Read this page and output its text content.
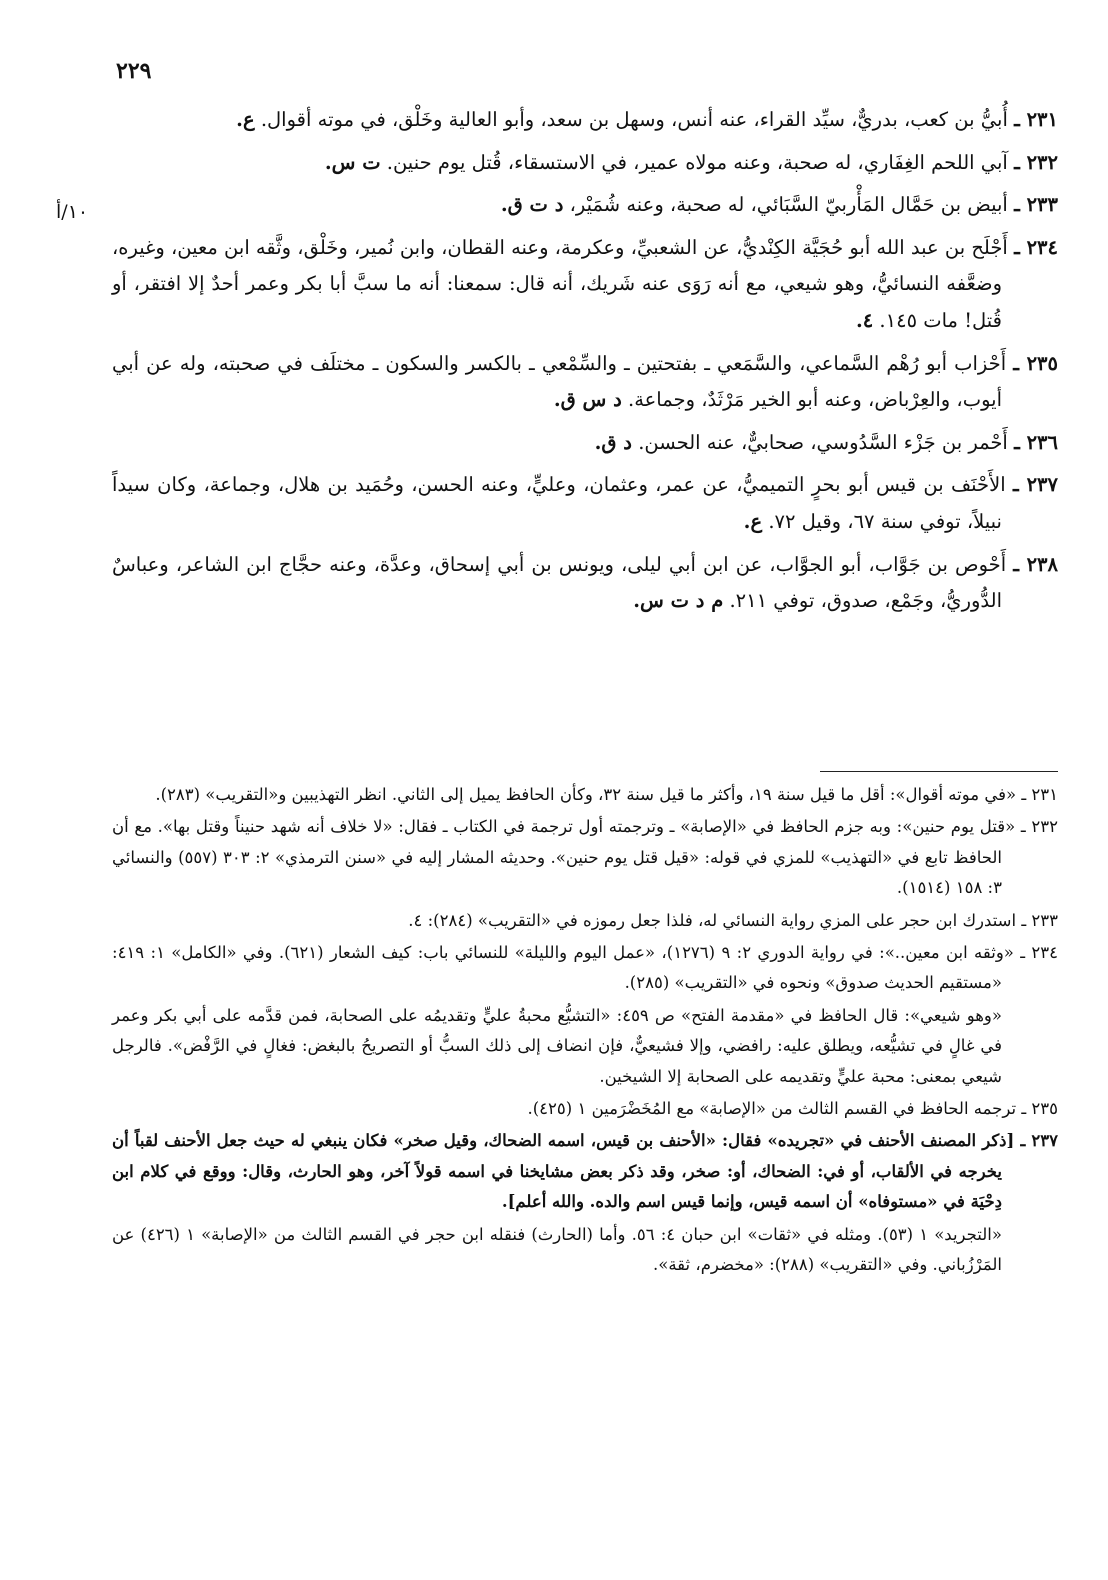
٢٢٩
١٠/أ

٢٣١ ـ أُبيُّ بن كعب، بدريٌّ، سيِّد القراء، عنه أنس، وسهل بن سعد، وأبو العالية وخَلْق، في موته أقوال. ع.

٢٣٢ ـ آبي اللحم الغِفَاري، له صحبة، وعنه مولاه عمير، في الاستسقاء، قُتل يوم حنين. ت س.

٢٣٣ ـ أبيض بن حَمَّال المَأْربيّ السَّبَائي، له صحبة، وعنه شُمَيْر، د ت ق.

٢٣٤ ـ أَجْلَح بن عبد الله أبو حُجَيَّة الكِنْديُّ، عن الشعبيِّ، وعكرمة، وعنه القطان، وابن نُمير، وخَلْق، وثَّقه ابن معين، وغيره، وضعَّفه النسائيُّ، وهو شيعي، مع أنه رَوَى عنه شَريك، أنه قال: سمعنا: أنه ما سبَّ أبا بكر وعمر أحدٌ إلا افتقر، أو قُتل! مات ١٤٥. ٤.

٢٣٥ ـ أَحْزاب أبو رُهْم السَّماعي، والسَّمَعي ـ بفتحتين ـ والسِّمْعي ـ بالكسر والسكون ـ مختلَف في صحبته، وله عن أبي أيوب، والعِرْباض، وعنه أبو الخير مَرْثَدٌ، وجماعة. د س ق.

٢٣٦ ـ أَحْمر بن جَزْء السَّدُوسي، صحابيٌّ، عنه الحسن. د ق.

٢٣٧ ـ الأَحْنَف بن قيس أبو بحرٍ التميميُّ، عن عمر، وعثمان، وعليٍّ، وعنه الحسن، وحُمَيد بن هلال، وجماعة، وكان سيداً نبيلاً، توفي سنة ٦٧، وقيل ٧٢. ع.

٢٣٨ ـ أَحْوص بن جَوَّاب، أبو الجوَّاب، عن ابن أبي ليلى، ويونس بن أبي إسحاق، وعدَّة، وعنه حجَّاج ابن الشاعر، وعباسٌ الدُّوريُّ، وجَمْع، صدوق، توفي ٢١١. م د ت س.

٢٣١ ـ «في موته أقوال»: أقل ما قيل سنة ١٩، وأكثر ما قيل سنة ٣٢، وكأن الحافظ يميل إلى الثاني. انظر التهذيبين و«التقريب» (٢٨٣).

٢٣٢ ـ «قتل يوم حنين»: وبه جزم الحافظ في «الإصابة» ـ وترجمته أول ترجمة في الكتاب ـ فقال: «لا خلاف أنه شهد حنيناً وقتل بها». مع أن الحافظ تابع في «التهذيب» للمزي في قوله: «قيل قتل يوم حنين». وحديثه المشار إليه في «سنن الترمذي» ٢: ٣٠٣ (٥٥٧) والنسائي ٣: ١٥٨ (١٥١٤).

٢٣٣ ـ استدرك ابن حجر على المزي رواية النسائي له، فلذا جعل رموزه في «التقريب» (٢٨٤): ٤.

٢٣٤ ـ «وثقه ابن معين..»: في رواية الدوري ٢: ٩ (١٢٧٦)، «عمل اليوم والليلة» للنسائي باب: كيف الشعار (٦٢١). وفي «الكامل» ١: ٤١٩: «مستقيم الحديث صدوق» ونحوه في «التقريب» (٢٨٥).

«وهو شيعي»: قال الحافظ في «مقدمة الفتح» ص ٤٥٩: «التشيُّع محبةُ عليٍّ وتقديمُه على الصحابة، فمن قدَّمه على أبي بكر وعمر في غالٍ في تشيُّعه، ويطلق عليه: رافضي، وإلا فشيعيٌّ، فإن انضاف إلى ذلك السبُّ أو التصريحُ بالبغض: فغالٍ في الرَّفْض». فالرجل شيعي بمعنى: محبة عليٍّ وتقديمه على الصحابة إلا الشيخين.

٢٣٥ ـ ترجمه الحافظ في القسم الثالث من «الإصابة» مع المُخَضْرَمين ١ (٤٢٥).

٢٣٧ ـ [ذكر المصنف الأحنف في «تجريده» فقال: «الأحنف بن قيس، اسمه الضحاك، وقيل صخر» فكان ينبغي له حيث جعل الأحنف لقباً أن يخرجه في الألقاب، أو في: الضحاك، أو: صخر، وقد ذكر بعض مشايخنا في اسمه قولاً آخر، وهو الحارث، وقال: ووقع في كلام ابن دِحْيَة في «مستوفاه» أن اسمه قيس، وإنما قيس اسم والده. والله أعلم].

«التجريد» ١ (٥٣). ومثله في «ثقات» ابن حبان ٤: ٥٦. وأما (الحارث) فنقله ابن حجر في القسم الثالث من «الإصابة» ١ (٤٢٦) عن المَرْزُباني. وفي «التقريب» (٢٨٨): «مخضرم، ثقة».
